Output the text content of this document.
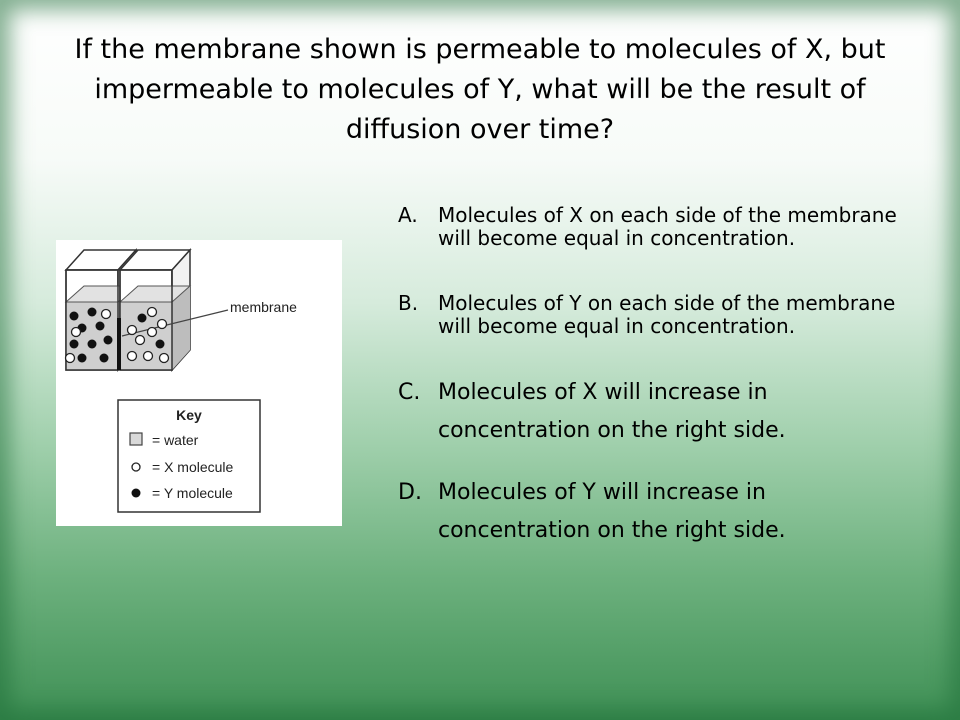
If the membrane shown is permeable to molecules of X, but impermeable to molecules of Y, what will be the result of diffusion over time?
membrane
Key
= water
= X molecule
= Y molecule
A.	Molecules of X on each side of the membrane will become equal in concentration.
B. Molecules of Y on each side of the membrane will become equal in concentration.
C. Molecules of X will increase in concentration on the right side.
D. Molecules of Y will increase in concentration on the right side.
